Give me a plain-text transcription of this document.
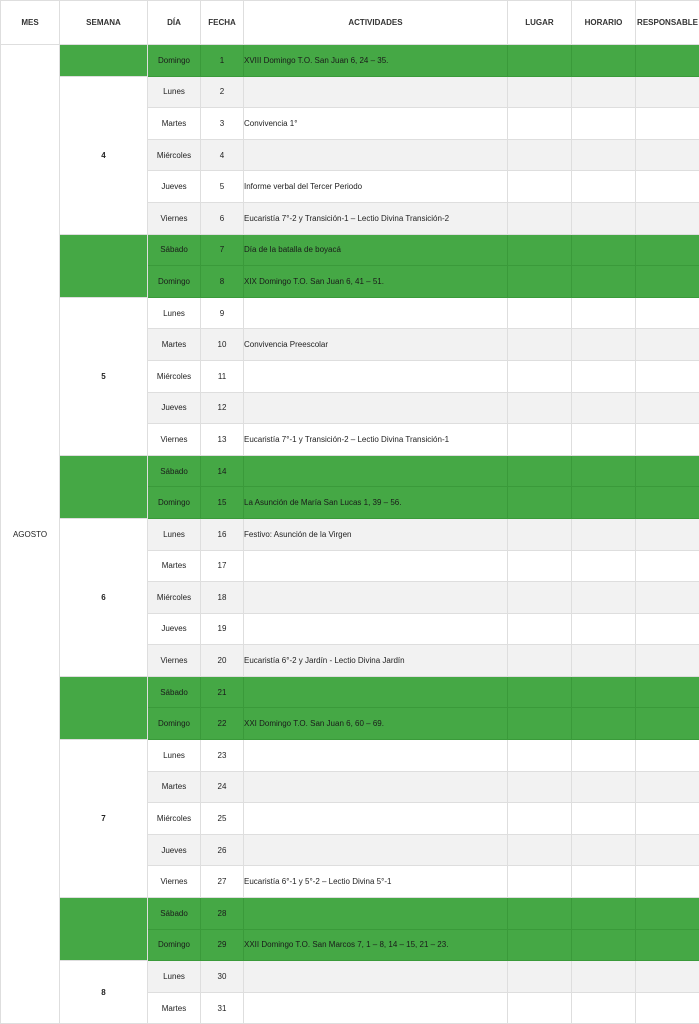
MES	SEMANA	DÍA	FECHA	ACTIVIDADES	LUGAR	HORARIO	RESPONSABLE
AGOSTO		Domingo	1	XVIII Domingo T.O. San Juan 6, 24 – 35.			
	4	Lunes	2				
		Martes	3	Convivencia 1°			
		Miércoles	4				
		Jueves	5	Informe verbal del Tercer Periodo			
		Viernes	6	Eucaristía 7°-2 y Transición-1 – Lectio Divina Transición-2			
		Sábado	7	Día de la batalla de boyacá			
		Domingo	8	XIX Domingo T.O. San Juan 6, 41 – 51.			
	5	Lunes	9				
		Martes	10	Convivencia Preescolar			
		Miércoles	11				
		Jueves	12				
		Viernes	13	Eucaristía 7°-1 y Transición-2 – Lectio Divina Transición-1			
		Sábado	14				
		Domingo	15	La Asunción de María San Lucas 1, 39 – 56.			
	6	Lunes	16	Festivo: Asunción de la Virgen			
		Martes	17				
		Miércoles	18				
		Jueves	19				
		Viernes	20	Eucaristía 6°-2 y Jardín - Lectio Divina Jardín			
		Sábado	21				
		Domingo	22	XXI Domingo T.O. San Juan 6, 60 – 69.			
	7	Lunes	23				
		Martes	24				
		Miércoles	25				
		Jueves	26				
		Viernes	27	Eucaristía 6°-1 y 5°-2 – Lectio Divina 5°-1			
		Sábado	28				
		Domingo	29	XXII Domingo T.O. San Marcos 7, 1 – 8, 14 – 15, 21 – 23.			
	8	Lunes	30				
		Martes	31				
